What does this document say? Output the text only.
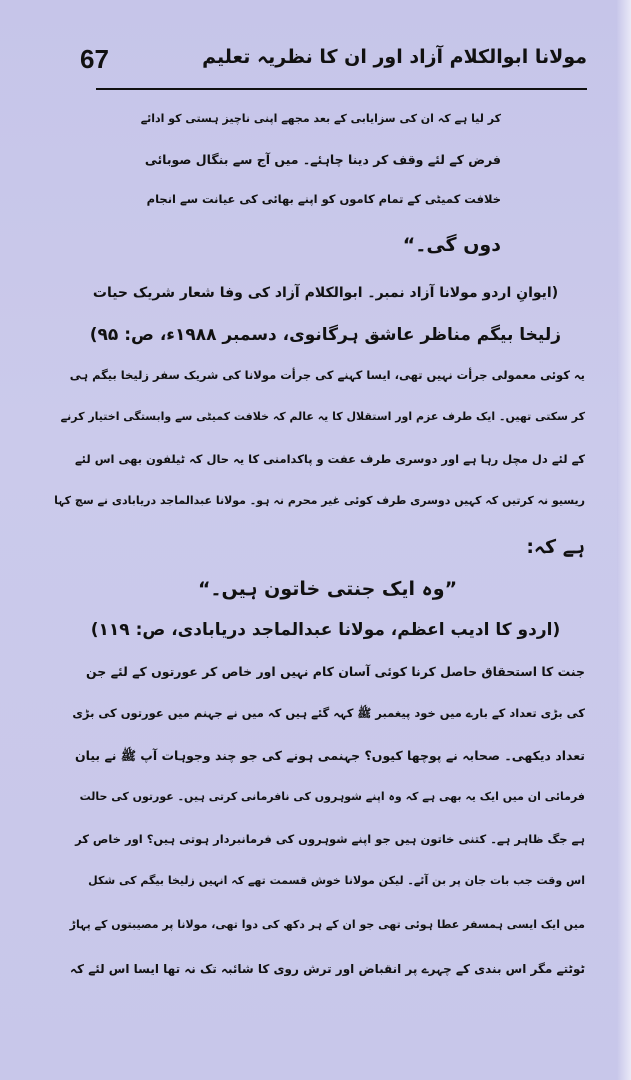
67	مولانا ابوالکلام آزاد اور ان کا نظریہ تعلیم
کر لیا ہے کہ ان کی سزایابی کے بعد مجھے اپنی ناچیز ہستی کو ادائے
فرض کے لئے وقف کر دینا چاہئے۔ میں آج سے بنگال صوبائی
خلافت کمیٹی کے تمام کاموں کو اپنے بھائی کی عیانت سے انجام
دوں گی۔“
(ایوانِ اردو مولانا آزاد نمبر۔ ابوالکلام آزاد کی وفا شعار شریک حیات
زلیخا بیگم مناظر عاشق ہرگانوی، دسمبر ۱۹۸۸ء، ص: ۹۵)
یہ کوئی معمولی جرأت نہیں تھی، ایسا کہنے کی جرأت مولانا کی شریک سفر زلیخا بیگم ہی
کر سکتی تھیں۔ ایک طرف عزم اور استقلال کا یہ عالم کہ خلافت کمیٹی سے وابستگی اختیار کرنے
کے لئے دل مچل رہا ہے اور دوسری طرف عفت و پاکدامنی کا یہ حال کہ ٹیلفون بھی اس لئے
ریسیو نہ کرتیں کہ کہیں دوسری طرف کوئی غیر محرم نہ ہو۔ مولانا عبدالماجد دریابادی نے سچ کہا
ہے کہ:
”وہ ایک جنتی خاتون ہیں۔“
(اردو کا ادیب اعظم، مولانا عبدالماجد دریابادی، ص: ۱۱۹)
جنت کا استحقاق حاصل کرنا کوئی آسان کام نہیں اور خاص کر عورتوں کے لئے جن
کی بڑی تعداد کے بارے میں خود پیغمبر ﷺ کہہ گئے ہیں کہ میں نے جہنم میں عورتوں کی بڑی
تعداد دیکھی۔ صحابہ نے پوچھا کیوں؟ جہنمی ہونے کی جو چند وجوہات آپ ﷺ نے بیان
فرمائی ان میں ایک یہ بھی ہے کہ وہ اپنے شوہروں کی نافرمانی کرتی ہیں۔ عورتوں کی حالت
ہے جگ ظاہر ہے۔ کتنی خاتون ہیں جو اپنے شوہروں کی فرمانبردار ہوتی ہیں؟ اور خاص کر
اس وقت جب بات جان پر بن آئے۔ لیکن مولانا خوش قسمت تھے کہ انہیں زلیخا بیگم کی شکل
میں ایک ایسی ہمسفر عطا ہوئی تھی جو ان کے ہر دکھ کی دوا تھی، مولانا پر مصیبتوں کے پہاڑ
ٹوٹتے مگر اس بندی کے چہرے پر انقباض اور ترش روی کا شائبہ تک نہ تھا ایسا اس لئے کہ
